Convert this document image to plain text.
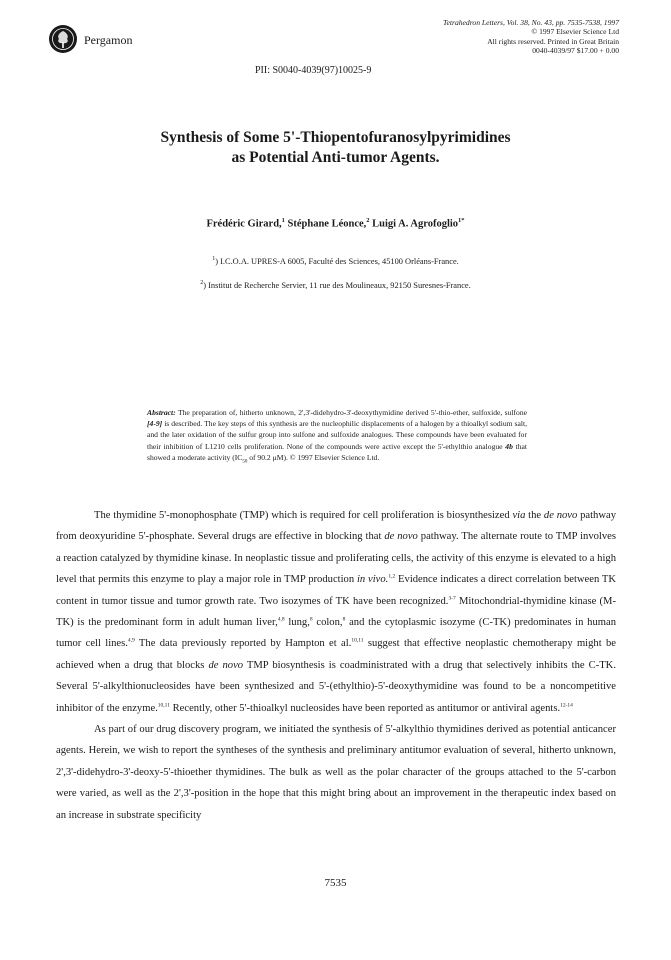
Pergamon
Tetrahedron Letters, Vol. 38, No. 43, pp. 7535-7538, 1997
© 1997 Elsevier Science Ltd
All rights reserved. Printed in Great Britain
0040-4039/97 $17.00 + 0.00
PII: S0040-4039(97)10025-9
Synthesis of Some 5'-Thiopentofuranosylpyrimidines
as Potential Anti-tumor Agents.
Frédéric Girard,$^1$ Stéphane Léonce,$^2$ Luigi A. Agrofoglio$^{1*}$
$^1$) I.C.O.A. UPRES-A 6005, Faculté des Sciences, 45100 Orléans-France.
$^2$) Institut de Recherche Servier, 11 rue des Moulineaux, 92150 Suresnes-France.
Abstract: The preparation of, hitherto unknown, 2',3'-didehydro-3'-deoxythymidine derived 5'-thio-ether, sulfoxide, sulfone [4-9] is described. The key steps of this synthesis are the nucleophilic displacements of a halogen by a thioalkyl sodium salt, and the later oxidation of the sulfur group into sulfone and sulfoxide analogues. These compounds have been evaluated for their inhibition of L1210 cells proliferation. None of the compounds were active except the 5'-ethylthio analogue 4b that showed a moderate activity ($IC_{50}$ of 90.2 μM). © 1997 Elsevier Science Ltd.

The thymidine 5'-monophosphate (TMP) which is required for cell proliferation is biosynthesized via the de novo pathway from deoxyuridine 5'-phosphate. Several drugs are effective in blocking that de novo pathway. The alternate route to TMP involves a reaction catalyzed by thymidine kinase. In neoplastic tissue and proliferating cells, the activity of this enzyme is elevated to a high level that permits this enzyme to play a major role in TMP production in vivo.$^{1,2}$ Evidence indicates a direct correlation between TK content in tumor tissue and tumor growth rate. Two isozymes of TK have been recognized.$^{3-7}$ Mitochondrial-thymidine kinase (M-TK) is the predominant form in adult human liver,$^{4,8}$ lung,$^8$ colon,$^8$ and the cytoplasmic isozyme (C-TK) predominates in human tumor cell lines.$^{4,9}$ The data previously reported by Hampton et al.$^{10,11}$ suggest that effective neoplastic chemotherapy might be achieved when a drug that blocks de novo TMP biosynthesis is coadministrated with a drug that selectively inhibits the C-TK. Several 5'-alkylthionucleosides have been synthesized and 5'-(ethylthio)-5'-deoxythymidine was found to be a noncompetitive inhibitor of the enzyme.$^{10,11}$ Recently, other 5'-thioalkyl nucleosides have been reported as antitumor or antiviral agents.$^{12-14}$

As part of our drug discovery program, we initiated the synthesis of 5'-alkylthio thymidines derived as potential anticancer agents. Herein, we wish to report the syntheses of the synthesis and preliminary antitumor evaluation of several, hitherto unknown, 2',3'-didehydro-3'-deoxy-5'-thioether thymidines. The bulk as well as the polar character of the groups attached to the 5'-carbon were varied, as well as the 2',3'-position in the hope that this might bring about an improvement in the therapeutic index based on an increase in substrate specificity

7535
